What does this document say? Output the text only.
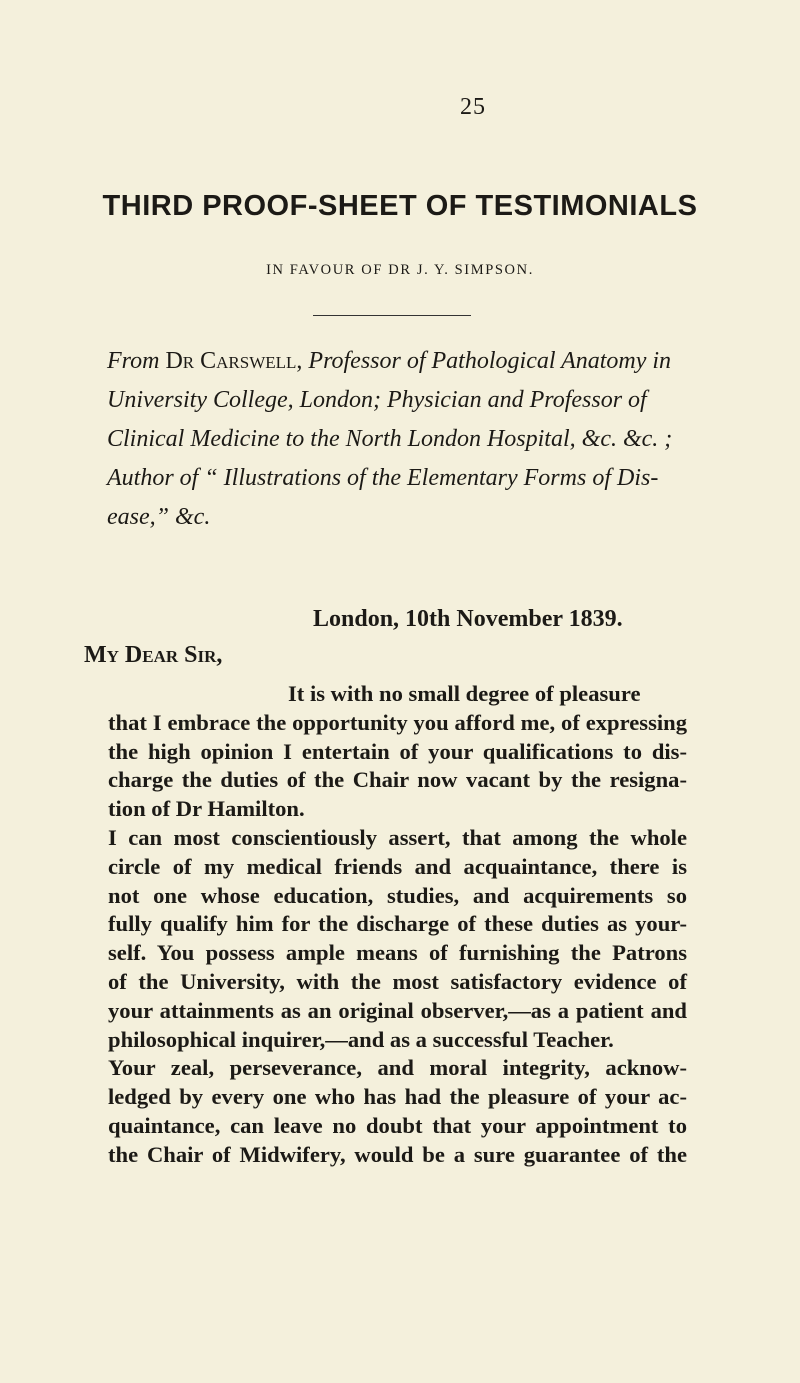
25
THIRD PROOF-SHEET OF TESTIMONIALS
IN FAVOUR OF DR J. Y. SIMPSON.
From Dr Carswell, Professor of Pathological Anatomy in
University College, London; Physician and Professor of
Clinical Medicine to the North London Hospital, &c. &c. ;
Author of “ Illustrations of the Elementary Forms of Dis-
ease,” &c.
London, 10th November 1839.
My Dear Sir,

It is with no small degree of pleasure
that I embrace the opportunity you afford me, of expressing
the high opinion I entertain of your qualifications to dis-
charge the duties of the Chair now vacant by the resigna-
tion of Dr Hamilton.

I can most conscientiously assert, that among the whole
circle of my medical friends and acquaintance, there is
not one whose education, studies, and acquirements so
fully qualify him for the discharge of these duties as your-
self. You possess ample means of furnishing the Patrons
of the University, with the most satisfactory evidence of
your attainments as an original observer,—as a patient and
philosophical inquirer,—and as a successful Teacher.

Your zeal, perseverance, and moral integrity, acknow-
ledged by every one who has had the pleasure of your ac-
quaintance, can leave no doubt that your appointment to
the Chair of Midwifery, would be a sure guarantee of the
